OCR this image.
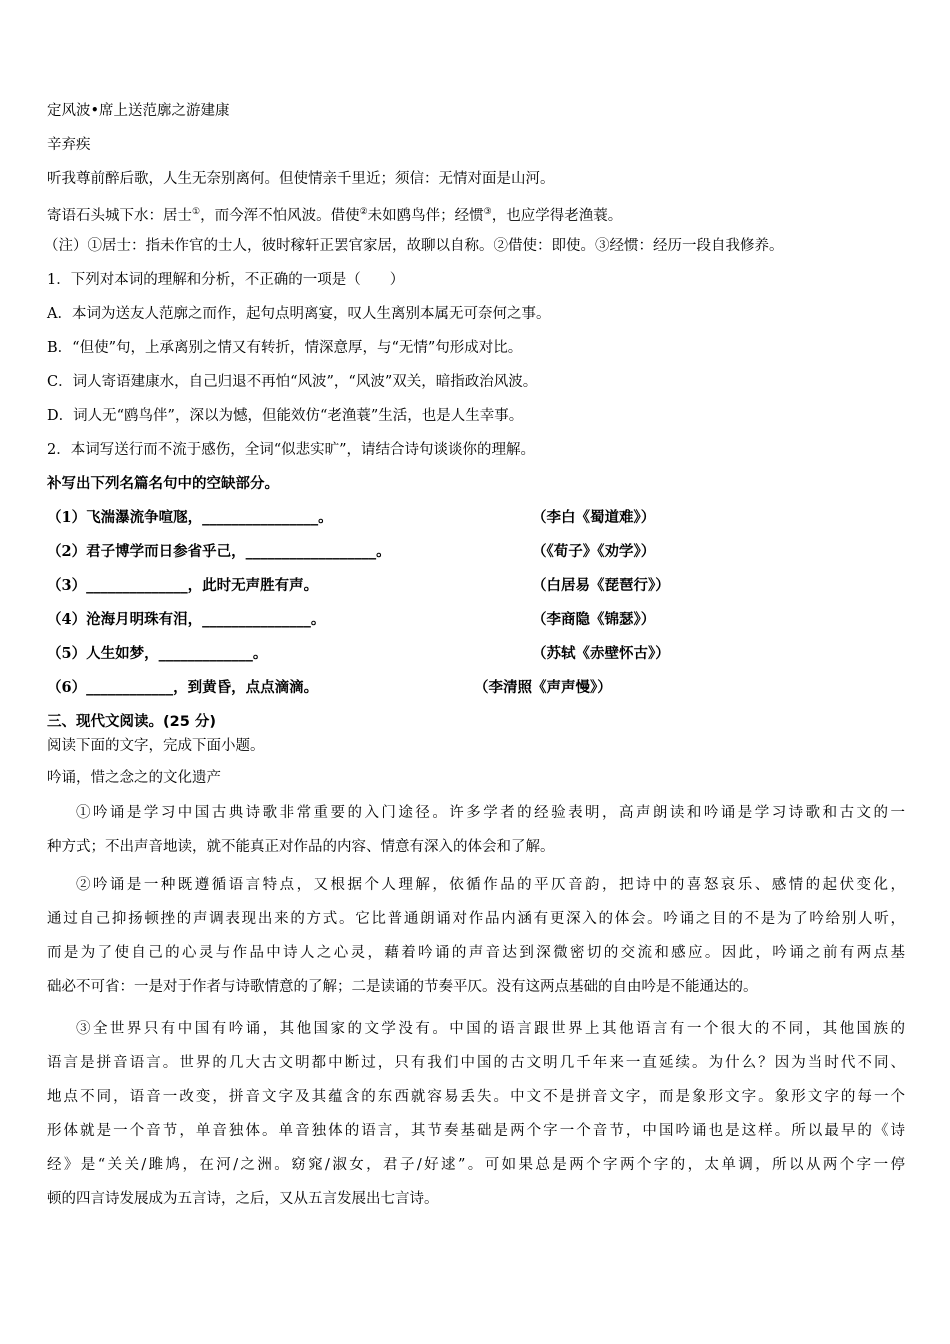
定风波•席上送范廓之游建康
辛弃疾
听我尊前醉后歌，人生无奈别离何。但使情亲千里近；须信：无情对面是山河。
寄语石头城下水：居士①，而今浑不怕风波。借使②未如鸥鸟伴；经惯③，也应学得老渔蓑。
（注）①居士：指未作官的士人，彼时稼轩正罢官家居，故聊以自称。②借使：即使。③经惯：经历一段自我修养。
1．下列对本词的理解和分析，不正确的一项是（　　）
A．本词为送友人范廓之而作，起句点明离宴，叹人生离别本属无可奈何之事。
B．“但使”句，上承离别之情又有转折，情深意厚，与“无情”句形成对比。
C．词人寄语建康水，自己归退不再怕“风波”，“风波”双关，暗指政治风波。
D．词人无“鸥鸟伴”，深以为憾，但能效仿“老渔蓑”生活，也是人生幸事。
2．本词写送行而不流于感伤，全词“似悲实旷”，请结合诗句谈谈你的理解。
补写出下列名篇名句中的空缺部分。
（1）飞湍瀑流争喧豗，________________。	（李白《蜀道难》）
（2）君子博学而日参省乎己，__________________。	（《荀子》《劝学》）
（3）______________，此时无声胜有声。	（白居易《琵琶行》）
（4）沧海月明珠有泪，_______________。	（李商隐《锦瑟》）
（5）人生如梦，_____________。	（苏轼《赤壁怀古》）
（6）____________，到黄昏，点点滴滴。	（李清照《声声慢》）
三、现代文阅读。(25 分)
阅读下面的文字，完成下面小题。
吟诵，惜之念之的文化遗产
①吟诵是学习中国古典诗歌非常重要的入门途径。许多学者的经验表明，高声朗读和吟诵是学习诗歌和古文的一
种方式；不出声音地读，就不能真正对作品的内容、情意有深入的体会和了解。
②吟诵是一种既遵循语言特点，又根据个人理解，依循作品的平仄音韵，把诗中的喜怒哀乐、感情的起伏变化，
通过自己抑扬顿挫的声调表现出来的方式。它比普通朗诵对作品内涵有更深入的体会。吟诵之目的不是为了吟给别人听，
而是为了使自己的心灵与作品中诗人之心灵，藉着吟诵的声音达到深微密切的交流和感应。因此，吟诵之前有两点基
础必不可省：一是对于作者与诗歌情意的了解；二是读诵的节奏平仄。没有这两点基础的自由吟是不能通达的。
③全世界只有中国有吟诵，其他国家的文学没有。中国的语言跟世界上其他语言有一个很大的不同，其他国族的
语言是拼音语言。世界的几大古文明都中断过，只有我们中国的古文明几千年来一直延续。为什么？因为当时代不同、
地点不同，语音一改变，拼音文字及其蕴含的东西就容易丢失。中文不是拼音文字，而是象形文字。象形文字的每一个
形体就是一个音节，单音独体。单音独体的语言，其节奏基础是两个字一个音节，中国吟诵也是这样。所以最早的《诗
经》是“关关/雎鸠，在河/之洲。窈窕/淑女，君子/好逑”。可如果总是两个字两个字的，太单调，所以从两个字一停
顿的四言诗发展成为五言诗，之后，又从五言发展出七言诗。
